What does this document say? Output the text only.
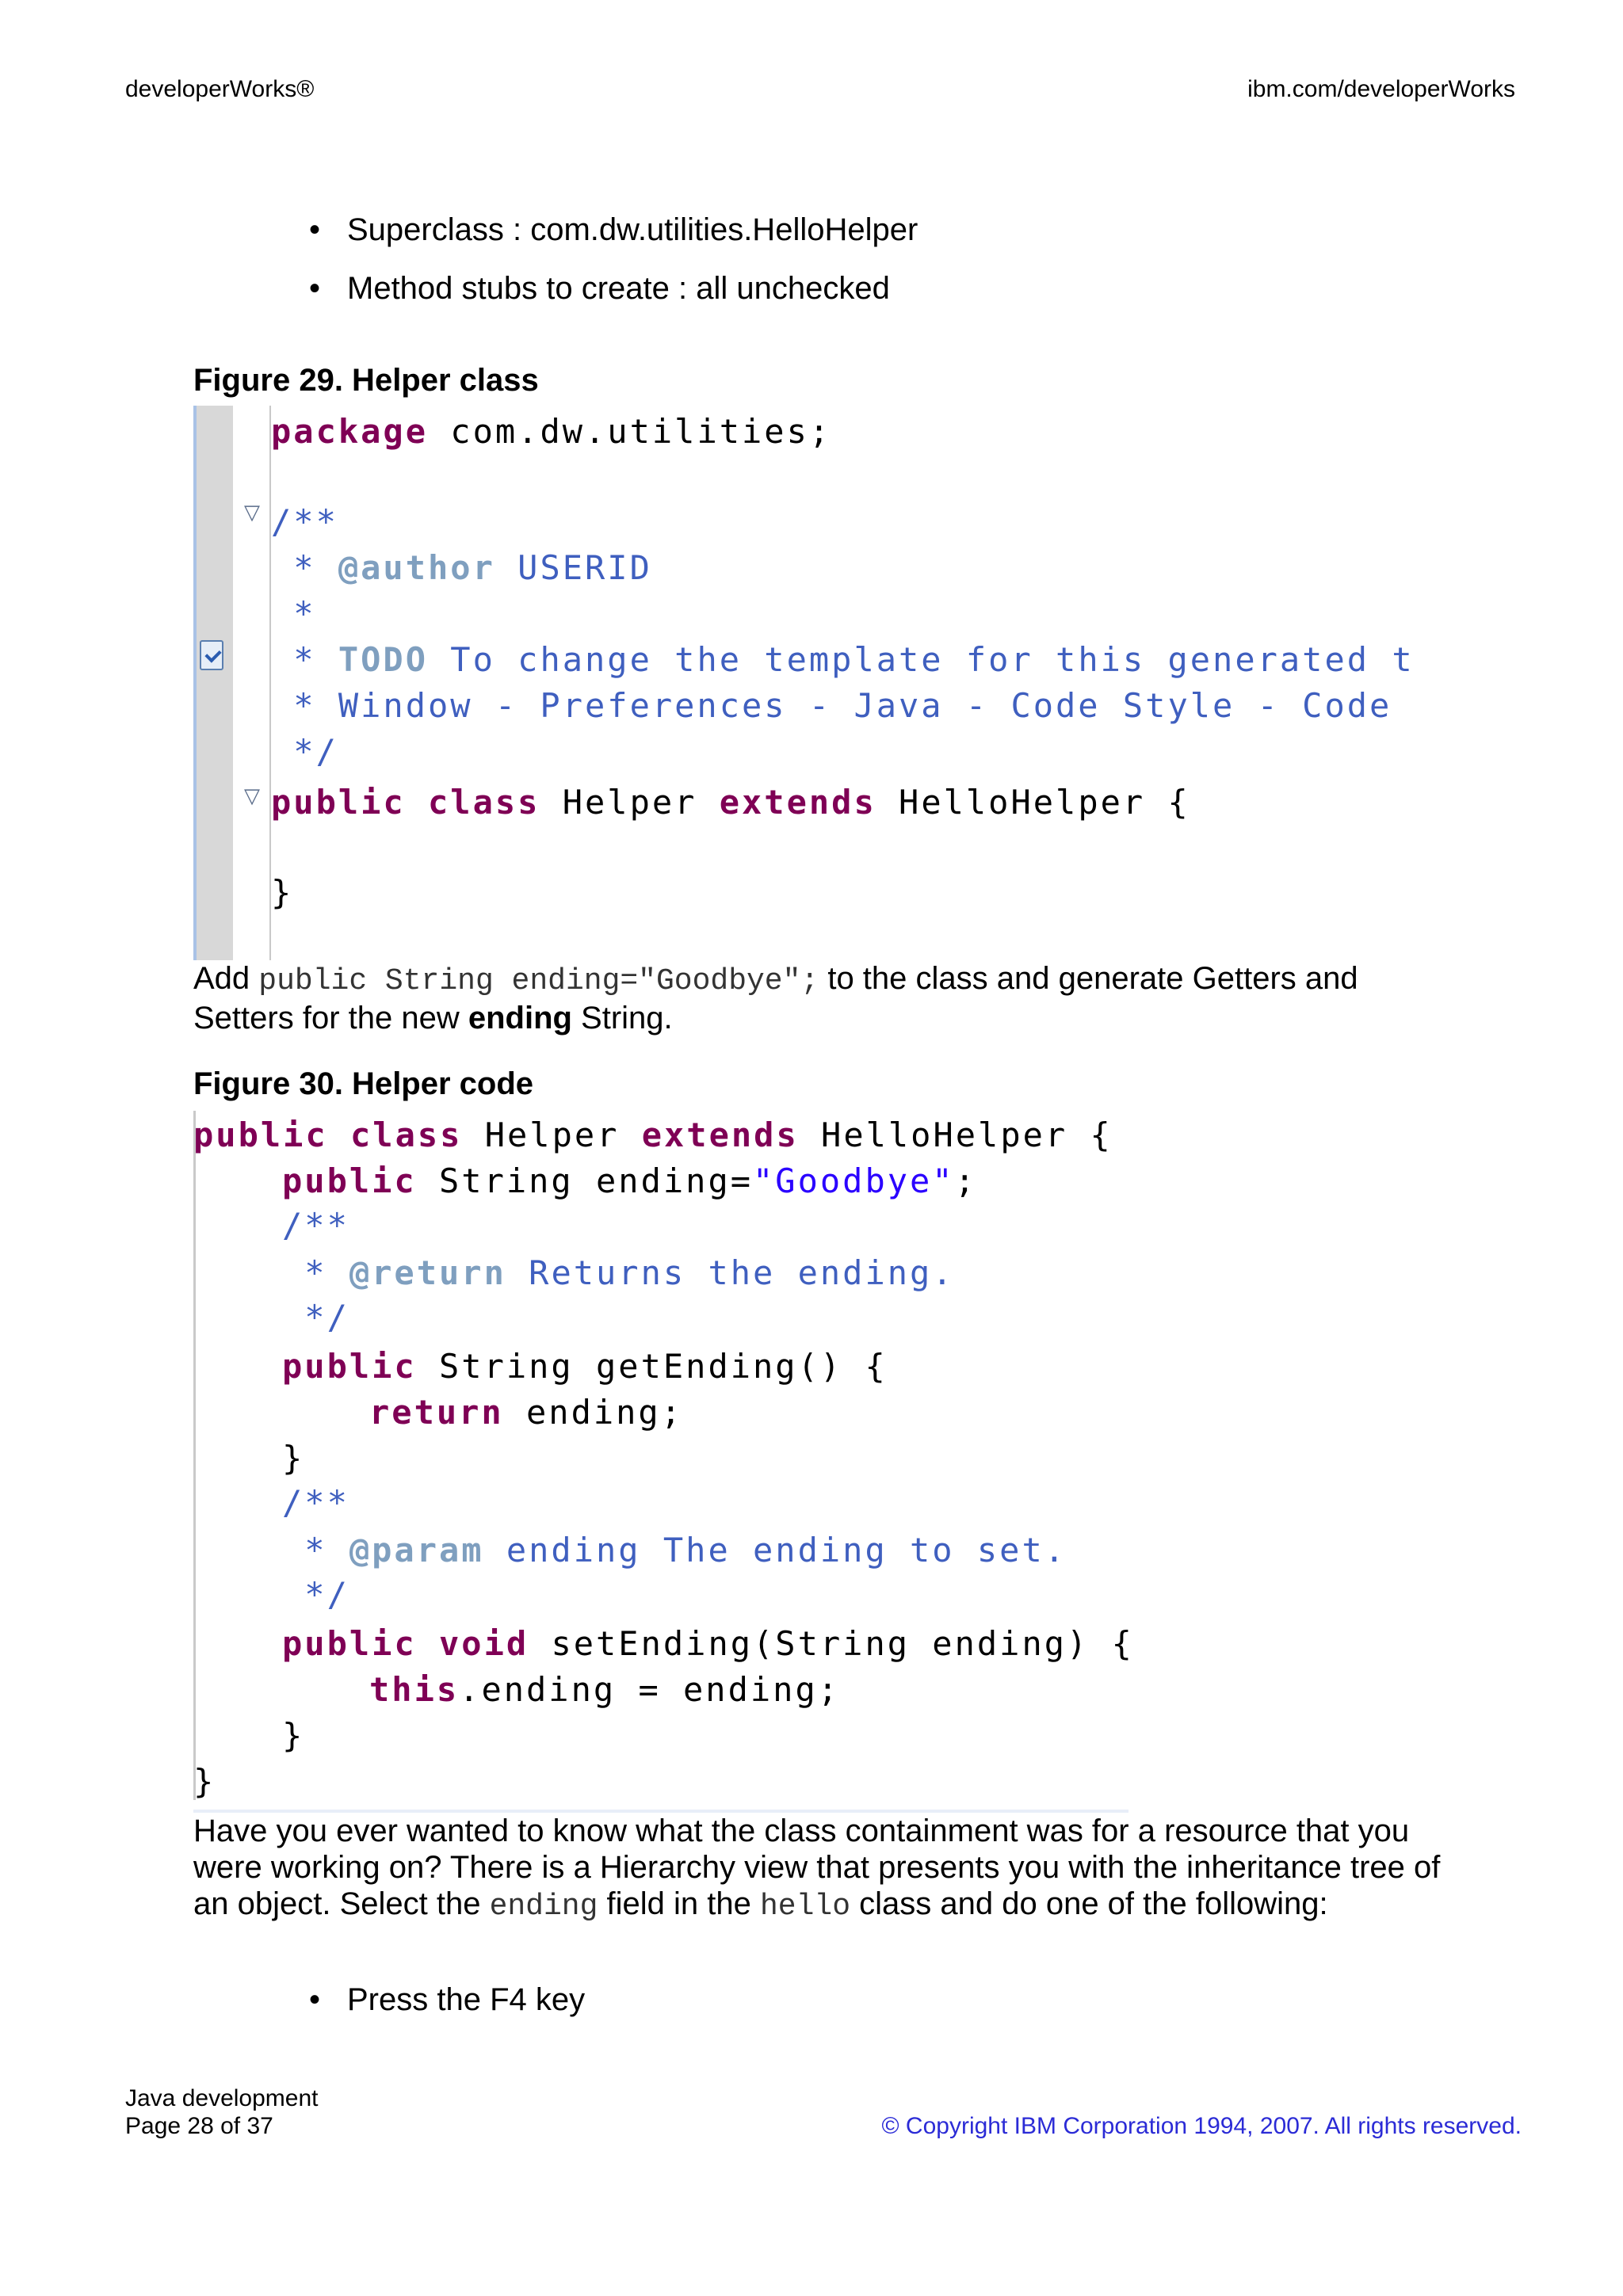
developerWorks®	ibm.com/developerWorks
• Superclass : com.dw.utilities.HelloHelper
• Method stubs to create : all unchecked
Figure 29. Helper class
▽
▽
package com.dw.utilities;
/**
* @author USERID
*
* TODO To change the template for this generated t
* Window - Preferences - Java - Code Style - Code
*/
public class Helper extends HelloHelper {
}
Add public String ending="Goodbye"; to the class and generate Getters and Setters for the new ending String.
Figure 30. Helper code
public class Helper extends HelloHelper {
public String ending="Goodbye";
/**
* @return Returns the ending.
*/
public String getEnding() {
return ending;
}
/**
* @param ending The ending to set.
*/
public void setEnding(String ending) {
this.ending = ending;
}
}
Have you ever wanted to know what the class containment was for a resource that you were working on? There is a Hierarchy view that presents you with the inheritance tree of an object. Select the ending field in the hello class and do one of the following:
• Press the F4 key
Java development
Page 28 of 37	© Copyright IBM Corporation 1994, 2007. All rights reserved.
